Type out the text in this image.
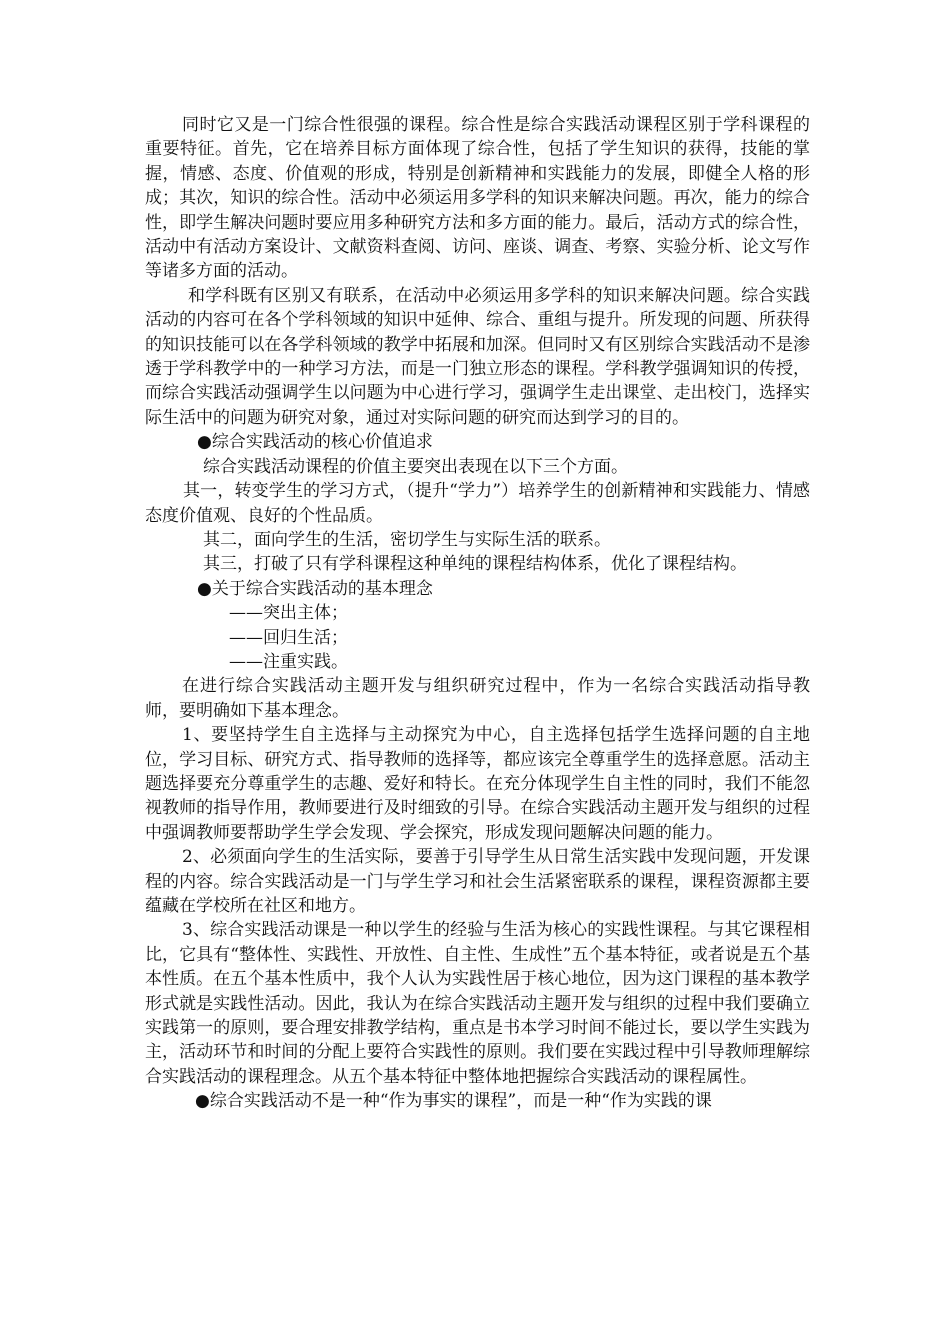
同时它又是一门综合性很强的课程。综合性是综合实践活动课程区别于学科课程的重要特征。首先，它在培养目标方面体现了综合性，包括了学生知识的获得，技能的掌握，情感、态度、价值观的形成，特别是创新精神和实践能力的发展，即健全人格的形成；其次，知识的综合性。活动中必须运用多学科的知识来解决问题。再次，能力的综合性，即学生解决问题时要应用多种研究方法和多方面的能力。最后，活动方式的综合性，活动中有活动方案设计、文献资料查阅、访问、座谈、调查、考察、实验分析、论文写作等诸多方面的活动。

和学科既有区别又有联系，在活动中必须运用多学科的知识来解决问题。综合实践活动的内容可在各个学科领域的知识中延伸、综合、重组与提升。所发现的问题、所获得的知识技能可以在各学科领域的教学中拓展和加深。但同时又有区别综合实践活动不是渗透于学科教学中的一种学习方法，而是一门独立形态的课程。学科教学强调知识的传授，而综合实践活动强调学生以问题为中心进行学习，强调学生走出课堂、走出校门，选择实际生活中的问题为研究对象，通过对实际问题的研究而达到学习的目的。

●综合实践活动的核心价值追求

综合实践活动课程的价值主要突出表现在以下三个方面。

其一，转变学生的学习方式，（提升“学力”）培养学生的创新精神和实践能力、情感态度价值观、良好的个性品质。

其二，面向学生的生活，密切学生与实际生活的联系。

其三，打破了只有学科课程这种单纯的课程结构体系，优化了课程结构。

●关于综合实践活动的基本理念

——突出主体；

——回归生活；

——注重实践。

在进行综合实践活动主题开发与组织研究过程中，作为一名综合实践活动指导教师，要明确如下基本理念。

1、要坚持学生自主选择与主动探究为中心，自主选择包括学生选择问题的自主地位，学习目标、研究方式、指导教师的选择等，都应该完全尊重学生的选择意愿。活动主题选择要充分尊重学生的志趣、爱好和特长。在充分体现学生自主性的同时，我们不能忽视教师的指导作用，教师要进行及时细致的引导。在综合实践活动主题开发与组织的过程中强调教师要帮助学生学会发现、学会探究，形成发现问题解决问题的能力。

2、必须面向学生的生活实际，要善于引导学生从日常生活实践中发现问题，开发课程的内容。综合实践活动是一门与学生学习和社会生活紧密联系的课程，课程资源都主要蕴藏在学校所在社区和地方。

3、综合实践活动课是一种以学生的经验与生活为核心的实践性课程。与其它课程相比，它具有“整体性、实践性、开放性、自主性、生成性”五个基本特征，或者说是五个基本性质。在五个基本性质中，我个人认为实践性居于核心地位，因为这门课程的基本教学形式就是实践性活动。因此，我认为在综合实践活动主题开发与组织的过程中我们要确立实践第一的原则，要合理安排教学结构，重点是书本学习时间不能过长，要以学生实践为主，活动环节和时间的分配上要符合实践性的原则。我们要在实践过程中引导教师理解综合实践活动的课程理念。从五个基本特征中整体地把握综合实践活动的课程属性。

●综合实践活动不是一种“作为事实的课程”，而是一种“作为实践的课
